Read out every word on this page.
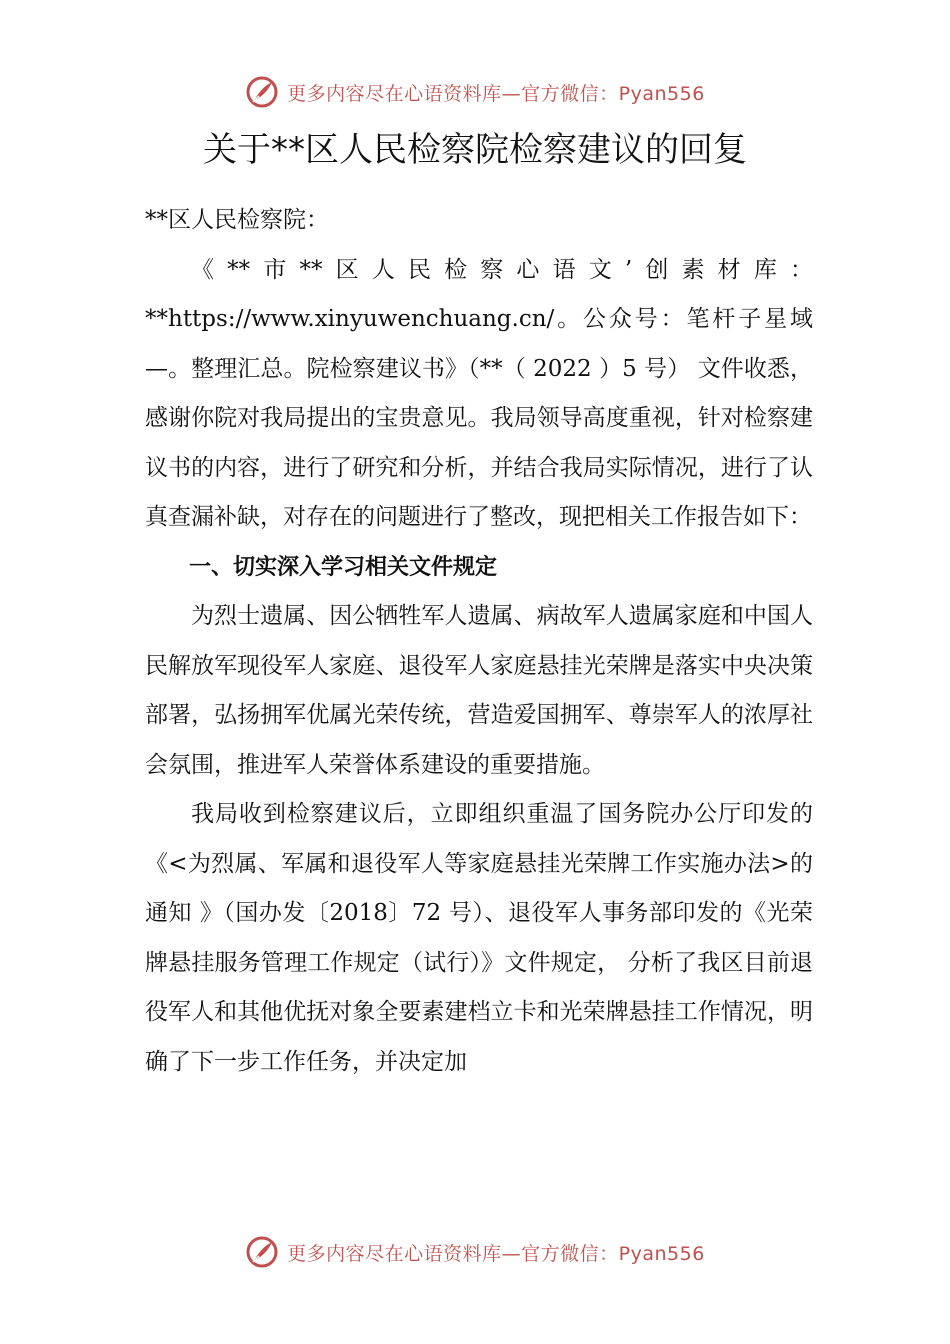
更多内容尽在心语资料库—官方微信：Pyan556
关于**区人民检察院检察建议的回复

**区人民检察院：

《**市**区人民检察心语文’创素材库：**https://www.xinyuwenchuang.cn/。公众号：笔杆子星域—。整理汇总。院检察建议书》（**（ 2022 ）5 号） 文件收悉，感谢你院对我局提出的宝贵意见。我局领导高度重视，针对检察建议书的内容，进行了研究和分析，并结合我局实际情况，进行了认真查漏补缺，对存在的问题进行了整改，现把相关工作报告如下：

一、切实深入学习相关文件规定

为烈士遗属、因公牺牲军人遗属、病故军人遗属家庭和中国人民解放军现役军人家庭、退役军人家庭悬挂光荣牌是落实中央决策部署，弘扬拥军优属光荣传统，营造爱国拥军、尊崇军人的浓厚社会氛围，推进军人荣誉体系建设的重要措施。

我局收到检察建议后，立即组织重温了国务院办公厅印发的《<为烈属、军属和退役军人等家庭悬挂光荣牌工作实施办法>的通知 》（国办发〔2018〕72 号）、退役军人事务部印发的《光荣牌悬挂服务管理工作规定（试行）》文件规定， 分析了我区目前退役军人和其他优抚对象全要素建档立卡和光荣牌悬挂工作情况，明确了下一步工作任务，并决定加

更多内容尽在心语资料库—官方微信：Pyan556
